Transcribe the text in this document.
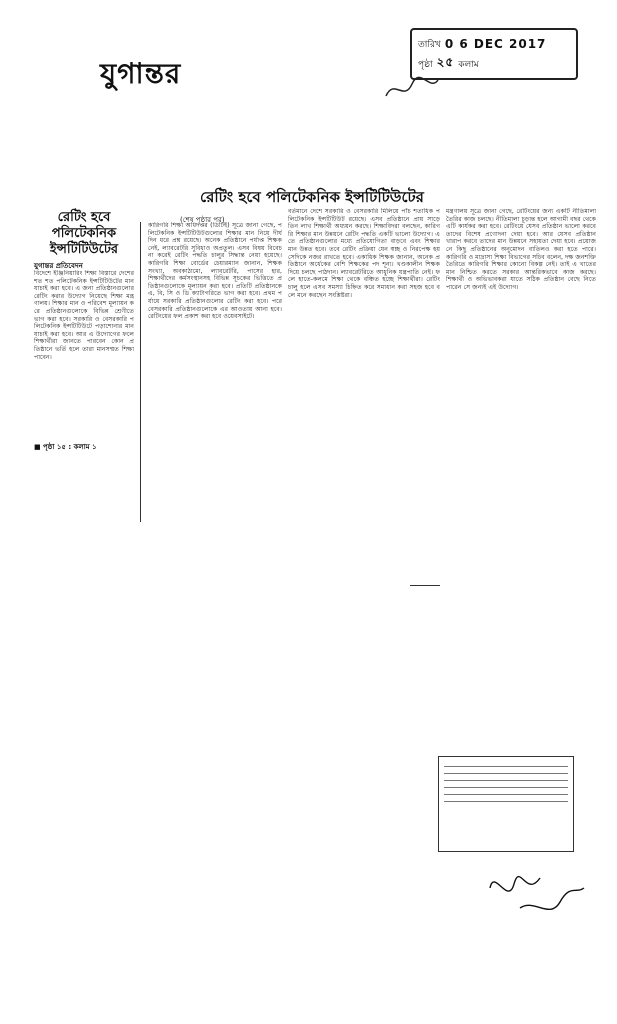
যুগান্তর
তারিখ 0 6 DEC 2017
পৃষ্ঠা ২৫ কলাম
রেটিং হবে পলিটেকনিক ইন্সটিটিউটের
(শেষ পৃষ্ঠার পর)
রেটিং হবে পলিটেকনিক ইন্সটিটিউটের
যুগান্তর প্রতিবেদন
বিদেশে ইঞ্জিনিয়ারিং শিক্ষা বিস্তারে দেশের শত শত পলিটেকনিক ইন্সটিটিউটের মান যাচাই করা হবে। এ জন্য প্রতিষ্ঠানগুলোর রেটিং করার উদ্যোগ নিয়েছে শিক্ষা মন্ত্রণালয়। শিক্ষার মান ও পরিবেশ মূল্যায়ন করে প্রতিষ্ঠানগুলোকে বিভিন্ন শ্রেণীতে ভাগ করা হবে। সরকারি ও বেসরকারি পলিটেকনিক ইন্সটিটিউটে পড়াশোনার মান যাচাই করা হবে। আর এ উদ্যোগের ফলে শিক্ষার্থীরা জানতে পারবেন কোন প্রতিষ্ঠানে ভর্তি হলে তারা মানসম্মত শিক্ষা পাবেন।
■ পৃষ্ঠা ১৫ : কলাম ১
কারিগরি শিক্ষা অধিদপ্তর (ডিটিই) সূত্রে জানা গেছে, পলিটেকনিক ইন্সটিটিউটগুলোর শিক্ষার মান নিয়ে দীর্ঘদিন ধরে প্রশ্ন রয়েছে। অনেক প্রতিষ্ঠানে পর্যাপ্ত শিক্ষক নেই, ল্যাবরেটরি সুবিধাও অপ্রতুল। এসব বিষয় বিবেচনা করেই রেটিং পদ্ধতি চালুর সিদ্ধান্ত নেয়া হয়েছে। কারিগরি শিক্ষা বোর্ডের চেয়ারম্যান জানান, শিক্ষক সংখ্যা, অবকাঠামো, ল্যাবরেটরি, পাসের হার, শিক্ষার্থীদের কর্মসংস্থানসহ বিভিন্ন সূচকের ভিত্তিতে প্রতিষ্ঠানগুলোকে মূল্যায়ন করা হবে। প্রতিটি প্রতিষ্ঠানকে এ, বি, সি ও ডি ক্যাটাগরিতে ভাগ করা হবে। প্রথম পর্যায়ে সরকারি প্রতিষ্ঠানগুলোর রেটিং করা হবে। পরে বেসরকারি প্রতিষ্ঠানগুলোকে এর আওতায় আনা হবে। রেটিংয়ের ফল প্রকাশ করা হবে ওয়েবসাইটে।
বর্তমানে দেশে সরকারি ও বেসরকারি মিলিয়ে পাঁচ শতাধিক পলিটেকনিক ইন্সটিটিউট রয়েছে। এসব প্রতিষ্ঠানে প্রায় সাড়ে তিন লাখ শিক্ষার্থী অধ্যয়ন করছে। শিক্ষাবিদরা বলছেন, কারিগরি শিক্ষার মান উন্নয়নে রেটিং পদ্ধতি একটি ভালো উদ্যোগ। এতে প্রতিষ্ঠানগুলোর মধ্যে প্রতিযোগিতা বাড়বে এবং শিক্ষার মান উন্নত হবে। তবে রেটিং প্রক্রিয়া যেন স্বচ্ছ ও নিরপেক্ষ হয় সেদিকে নজর রাখতে হবে। একাধিক শিক্ষক জানান, অনেক প্রতিষ্ঠানে অর্ধেকের বেশি শিক্ষকের পদ শূন্য। খণ্ডকালীন শিক্ষক দিয়ে চলছে পাঠদান। ল্যাবরেটরিতে আধুনিক যন্ত্রপাতি নেই। ফলে হাতে-কলমে শিক্ষা থেকে বঞ্চিত হচ্ছে শিক্ষার্থীরা। রেটিং চালু হলে এসব সমস্যা চিহ্নিত করে সমাধান করা সহজ হবে বলে মনে করছেন সংশ্লিষ্টরা।
মন্ত্রণালয় সূত্রে জানা গেছে, রেটিংয়ের জন্য একটি নীতিমালা তৈরির কাজ চলছে। নীতিমালা চূড়ান্ত হলে আগামী বছর থেকে এটি কার্যকর করা হবে। রেটিংয়ে যেসব প্রতিষ্ঠান ভালো করবে তাদের বিশেষ প্রণোদনা দেয়া হবে। আর যেসব প্রতিষ্ঠান খারাপ করবে তাদের মান উন্নয়নে সহায়তা দেয়া হবে। প্রয়োজনে কিছু প্রতিষ্ঠানের অনুমোদন বাতিলও করা হতে পারে। কারিগরি ও মাদ্রাসা শিক্ষা বিভাগের সচিব বলেন, দক্ষ জনশক্তি তৈরিতে কারিগরি শিক্ষার কোনো বিকল্প নেই। তাই এ খাতের মান নিশ্চিত করতে সরকার আন্তরিকভাবে কাজ করছে। শিক্ষার্থী ও অভিভাবকরা যাতে সঠিক প্রতিষ্ঠান বেছে নিতে পারেন সে জন্যই এই উদ্যোগ।
